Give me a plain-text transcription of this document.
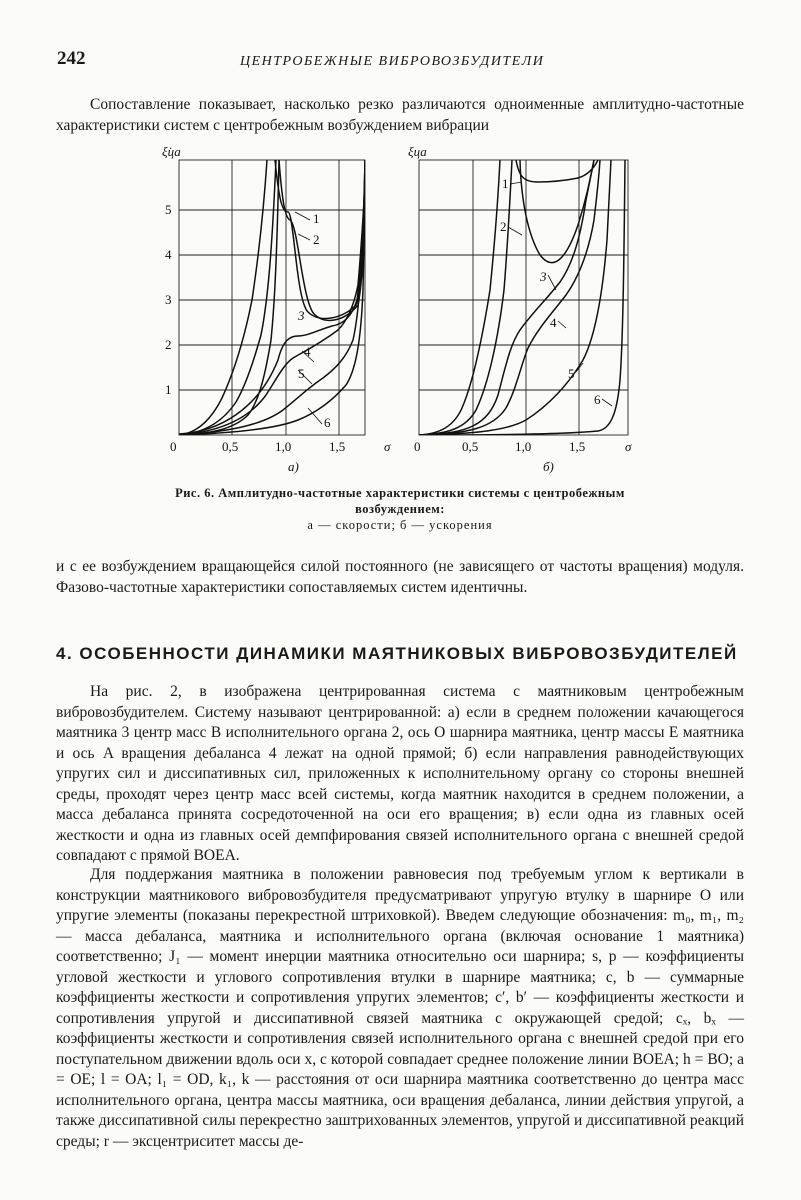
242	ЦЕНТРОБЕЖНЫЕ ВИБРОВОЗБУДИТЕЛИ

Сопоставление показывает, насколько резко различаются одноименные амплитудно-частотные характеристики систем с центробежным возбуждением вибрации

ξ̇ца
5
4
3
2
1
0	0,5	1,0	1,5	σ
а)
1
2
3
4
5
6
ξца
0	0,5	1,0	1,5	σ
б)
1
2
3
4
5
6
Рис. 6. Амплитудно-частотные характеристики системы с центробежным возбуждением:
а — скорости; б — ускорения

и с ее возбуждением вращающейся силой постоянного (не зависящего от частоты вращения) модуля. Фазово-частотные характеристики сопоставляемых систем идентичны.

4. ОСОБЕННОСТИ ДИНАМИКИ МАЯТНИКОВЫХ ВИБРОВОЗБУДИТЕЛЕЙ

На рис. 2, в изображена центрированная система с маятниковым центробежным вибровозбудителем. Систему называют центрированной: а) если в среднем положении качающегося маятника 3 центр масс B исполнительного органа 2, ось O шарнира маятника, центр массы E маятника и ось A вращения дебаланса 4 лежат на одной прямой; б) если направления равнодействующих упругих сил и диссипативных сил, приложенных к исполнительному органу со стороны внешней среды, проходят через центр масс всей системы, когда маятник находится в среднем положении, а масса дебаланса принята сосредоточенной на оси его вращения; в) если одна из главных осей жесткости и одна из главных осей демпфирования связей исполнительного органа с внешней средой совпадают с прямой BOEA.

Для поддержания маятника в положении равновесия под требуемым углом к вертикали в конструкции маятникового вибровозбудителя предусматривают упругую втулку в шарнире O или упругие элементы (показаны перекрестной штриховкой). Введем следующие обозначения: m₀, m₁, m₂ — масса дебаланса, маятника и исполнительного органа (включая основание 1 маятника) соответственно; J₁ — момент инерции маятника относительно оси шарнира; s, p — коэффициенты угловой жесткости и углового сопротивления втулки в шарнире маятника; c, b — суммарные коэффициенты жесткости и сопротивления упругих элементов; c′, b′ — коэффициенты жесткости и сопротивления упругой и диссипативной связей маятника с окружающей средой; cₓ, bₓ — коэффициенты жесткости и сопротивления связей исполнительного органа с внешней средой при его поступательном движении вдоль оси x, с которой совпадает среднее положение линии BOEA; h = BO; a = OE; l = OA; l₁ = OD, k₁, k — расстояния от оси шарнира маятника соответственно до центра масс исполнительного органа, центра массы маятника, оси вращения дебаланса, линии действия упругой, а также диссипативной силы перекрестно заштрихованных элементов, упругой и диссипативной реакций среды; r — эксцентриситет массы де-
